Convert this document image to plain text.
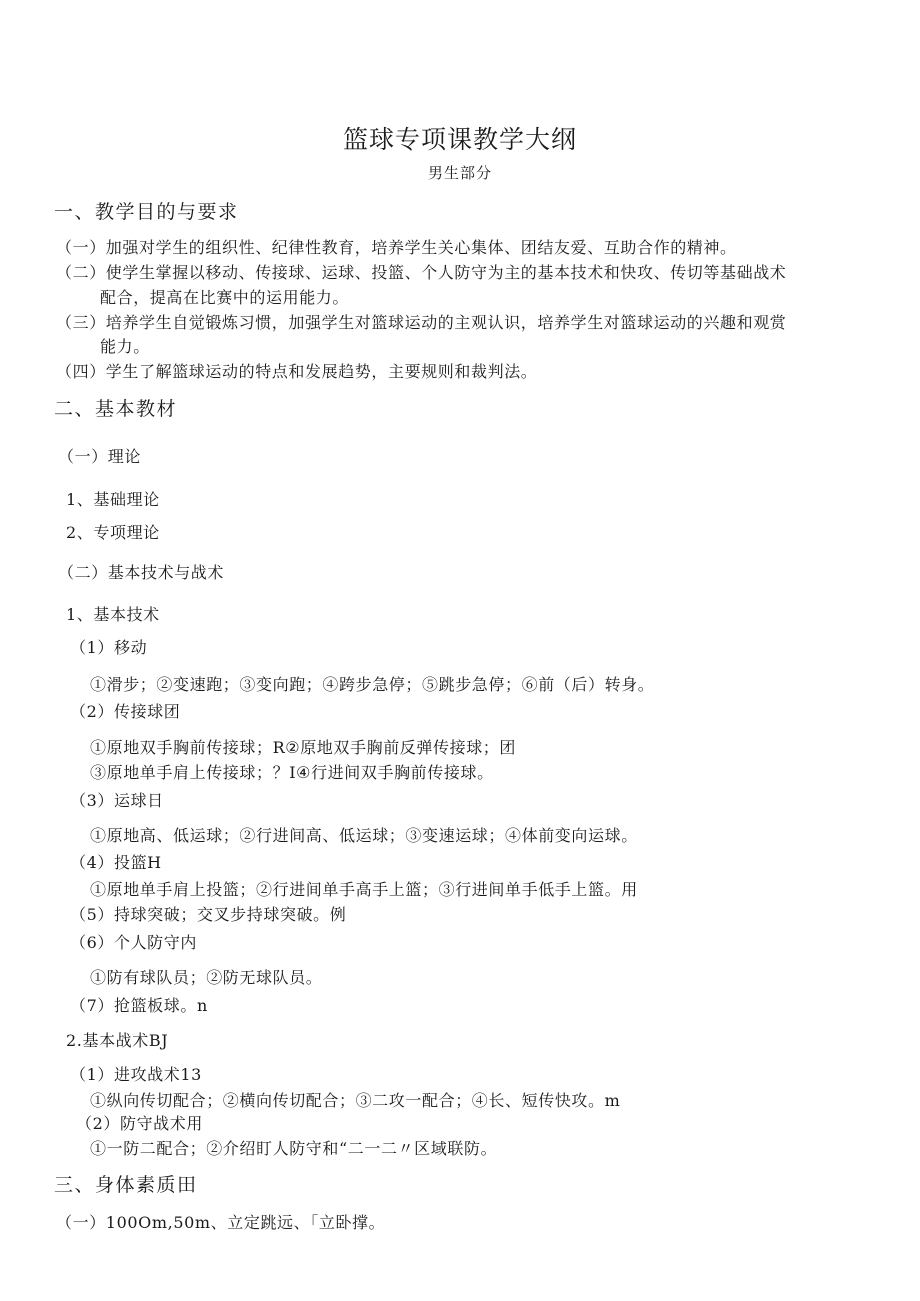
篮球专项课教学大纲
男生部分
一、教学目的与要求
（一）加强对学生的组织性、纪律性教育，培养学生关心集体、团结友爱、互助合作的精神。
（二）使学生掌握以移动、传接球、运球、投篮、个人防守为主的基本技术和快攻、传切等基础战术
配合，提高在比赛中的运用能力。
（三）培养学生自觉锻炼习惯，加强学生对篮球运动的主观认识，培养学生对篮球运动的兴趣和观赏
能力。
（四）学生了解篮球运动的特点和发展趋势，主要规则和裁判法。
二、基本教材
（一）理论
1、基础理论
2、专项理论
（二）基本技术与战术
1、基本技术
（1）移动
①滑步；②变速跑；③变向跑；④跨步急停；⑤跳步急停；⑥前（后）转身。
（2）传接球团
①原地双手胸前传接球；R②原地双手胸前反弹传接球；团
③原地单手肩上传接球；？I④行进间双手胸前传接球。
（3）运球日
①原地高、低运球；②行进间高、低运球；③变速运球；④体前变向运球。
（4）投篮H
①原地单手肩上投篮；②行进间单手高手上篮；③行进间单手低手上篮。用
（5）持球突破；交叉步持球突破。例
（6）个人防守内
①防有球队员；②防无球队员。
（7）抢篮板球。n
2.基本战术BJ
（1）进攻战术13
①纵向传切配合；②横向传切配合；③二攻一配合；④长、短传快攻。m
（2）防守战术用
①一防二配合；②介绍盯人防守和“二一二〃区域联防。
三、身体素质田
（一）100Om,50m、立定跳远、「立卧撑。
